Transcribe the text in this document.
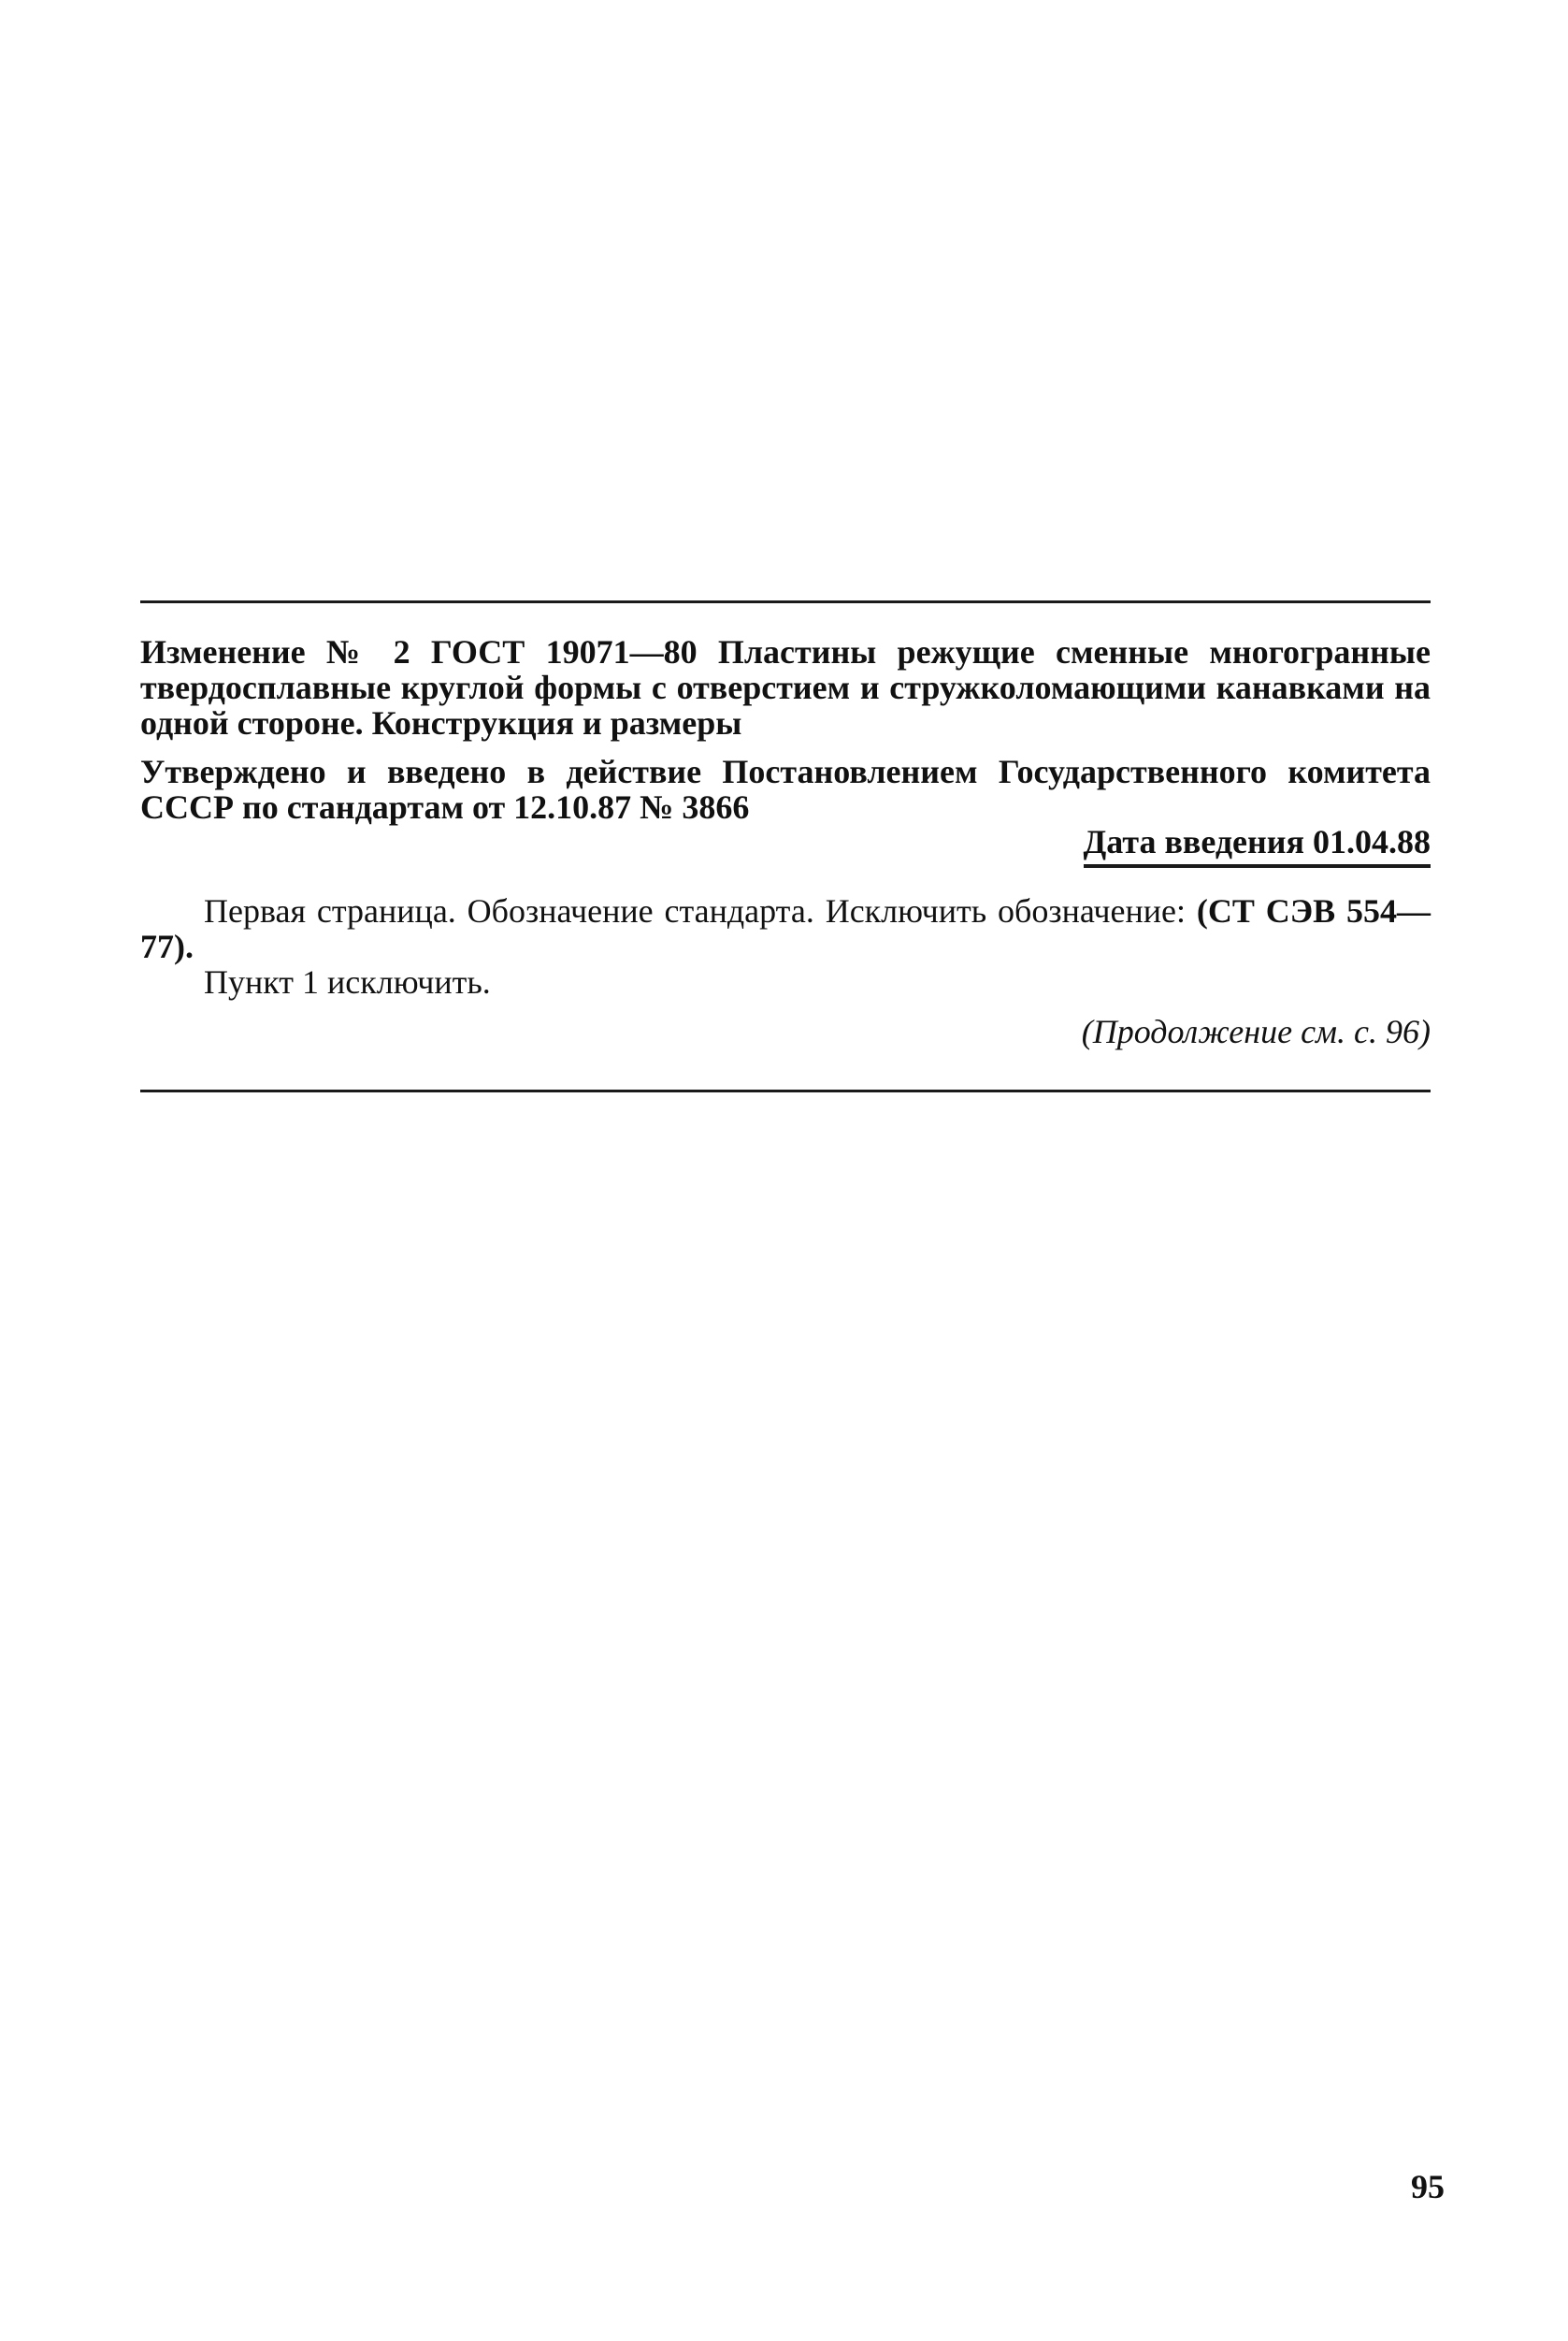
Изменение № 2 ГОСТ 19071—80 Пластины режущие сменные многогранные твердосплавные круглой формы с отверстием и стружколомающими канавками на одной стороне. Конструкция и размеры
Утверждено и введено в действие Постановлением Государственного комитета СССР по стандартам от 12.10.87 № 3866
Дата введения 01.04.88

Первая страница. Обозначение стандарта. Исключить обозначение: (СТ СЭВ 554—77).

Пункт 1 исключить.

(Продолжение см. с. 96)
95
